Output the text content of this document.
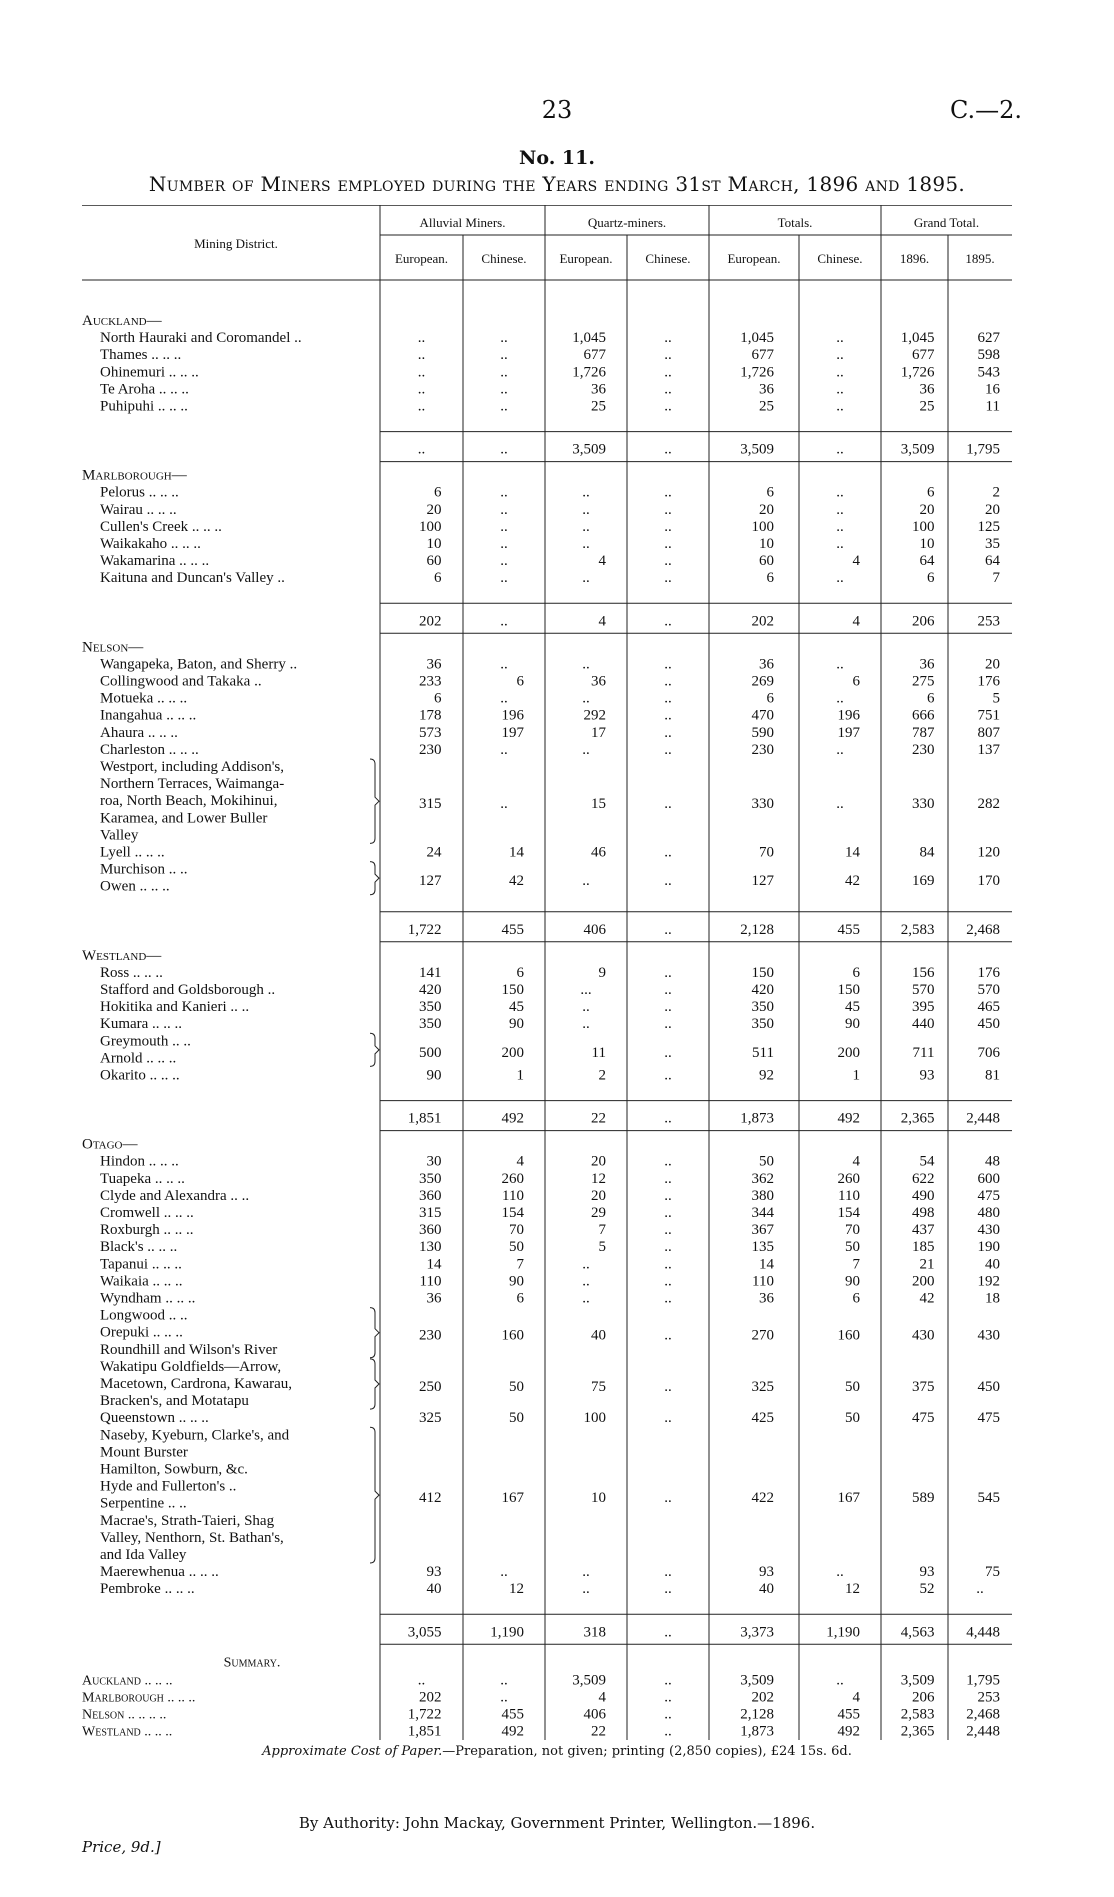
23	C.—2.
No. 11.
Number of Miners employed during the Years ending 31st March, 1896 and 1895.
Mining District.
Alluvial Miners.	Quartz-miners.	Totals.	Grand Total.
European.	Chinese.	European.	Chinese.	European.	Chinese.	1896.	1895.
Auckland—
North Hauraki and Coromandel ..	..	..	1,045	..	1,045	..	1,045	627
Thames .. .. ..	..	..	677	..	677	..	677	598
Ohinemuri .. .. ..	..	..	1,726	..	1,726	..	1,726	543
Te Aroha .. .. ..	..	..	36	..	36	..	36	16
Puhipuhi .. .. ..	..	..	25	..	25	..	25	11
..	..	3,509	..	3,509	..	3,509 1,795
Marlborough—
Pelorus .. .. ..	6	..	..	..	6	..	6	2
Wairau .. .. ..	20	..	..	..	20	..	20	20
Cullen's Creek .. .. ..	100	..	..	..	100	..	100	125
Waikakaho .. .. ..	10	..	..	..	10	..	10	35
Wakamarina .. .. ..	60	..	4	..	60	4	64	64
Kaituna and Duncan's Valley ..	6	..	..	..	6	..	6	7
202	..	4	..	202	4	206	253
Nelson—
Wangapeka, Baton, and Sherry ..	36	..	..	..	36	..	36	20
Collingwood and Takaka ..	233	6	36	..	269	6	275	176
Motueka .. .. ..	6	..	..	..	6	..	6	5
Inangahua .. .. ..	178	196	292	..	470	196	666	751
Ahaura .. .. ..	573	197	17	..	590	197	787	807
Charleston .. .. ..	230	..	..	..	230	..	230	137
Westport, including Addison's,
Northern Terraces, Waimanga-
roa, North Beach, Mokihinui,
Karamea, and Lower Buller
Valley
315	..	15	..	330	..	330	282
Lyell .. .. ..	24	14	46	..	70	14	84	120
Murchison .. ..
Owen .. .. ..	127	42	..	..	127	42	169	170
1,722	455	406	..	2,128	455	2,583 2,468
Westland—
Ross .. .. ..	141	6	9	..	150	6	156	176
Stafford and Goldsborough ..	420	150	...	..	420	150	570	570
Hokitika and Kanieri .. ..	350	45	..	..	350	45	395	465
Kumara .. .. ..	350	90	..	..	350	90	440	450
Greymouth .. ..
Arnold .. .. ..	500	200	11	..	511	200	711	706
Okarito .. .. ..	90	1	2	..	92	1	93	81
1,851	492	22	..	1,873	492	2,365 2,448
Otago—
Hindon .. .. ..	30	4	20	..	50	4	54	48
Tuapeka .. .. ..	350	260	12	..	362	260	622	600
Clyde and Alexandra .. ..	360	110	20	..	380	110	490	475
Cromwell .. .. ..	315	154	29	..	344	154	498	480
Roxburgh .. .. ..	360	70	7	..	367	70	437	430
Black's .. .. ..	130	50	5	..	135	50	185	190
Tapanui .. .. ..	14	7	..	..	14	7	21	40
Waikaia .. .. ..	110	90	..	..	110	90	200	192
Wyndham .. .. ..	36	6	..	..	36	6	42	18
Longwood .. ..
Orepuki .. .. ..
Roundhill and Wilson's River
230	160	40	..	270	160	430	430
Wakatipu Goldfields—Arrow,
Macetown, Cardrona, Kawarau,
Bracken's, and Motatapu
250	50	75	..	325	50	375	450
Queenstown .. .. ..	325	50	100	..	425	50	475	475
Naseby, Kyeburn, Clarke's, and
Mount Burster
Hamilton, Sowburn, &c.
Hyde and Fullerton's ..
Serpentine .. ..
Macrae's, Strath-Taieri, Shag
Valley, Nenthorn, St. Bathan's,
and Ida Valley
412	167	10	..	422	167	589	545
Maerewhenua .. .. ..	93	..	..	..	93	..	93	75
Pembroke .. .. ..	40	12	..	..	40	12	52	..
3,055	1,190	318	..	3,373	1,190	4,563 4,448
Summary.
Auckland .. .. ..	..	..	3,509	..	3,509	..	3,509 1,795
Marlborough .. .. ..	202	..	4	..	202	4	206	253
Nelson .. .. .. ..	1,722	455	406	..	2,128	455	2,583 2,468
Westland .. .. ..	1,851	492	22	..	1,873	492	2,365 2,448
Approximate Cost of Paper.—Preparation, not given; printing (2,850 copies), £24 15s. 6d.
By Authority: John Mackay, Government Printer, Wellington.—1896.
Price, 9d.]
